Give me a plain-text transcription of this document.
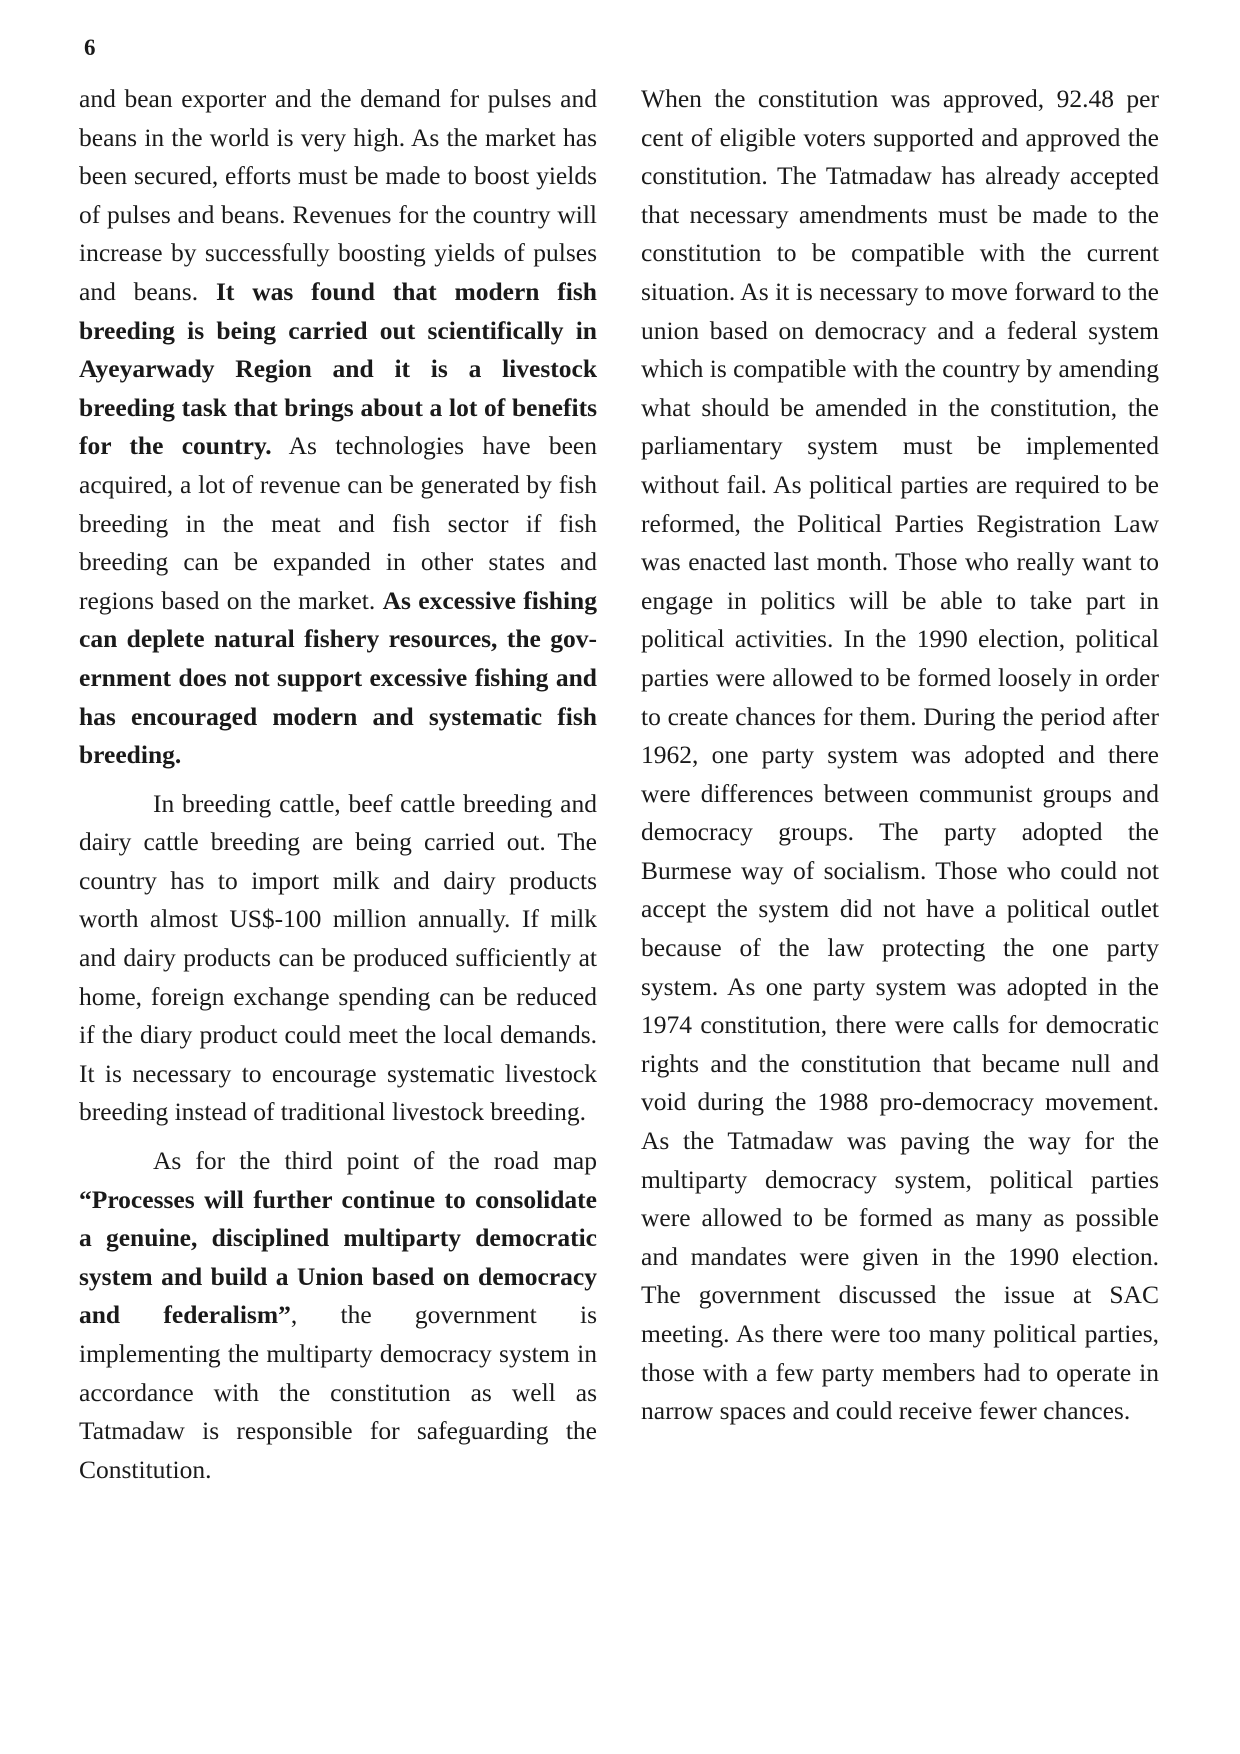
6

and bean exporter and the demand for pulses and beans in the world is very high. As the market has been secured, efforts must be made to boost yields of pulses and beans. Revenues for the country will increase by successfully boosting yields of pulses and beans. It was found that modern fish breeding is being carried out scientifically in Ayeyarwady Region and it is a livestock breeding task that brings about a lot of benefits for the country. As technologies have been acquired, a lot of revenue can be generated by fish breeding in the meat and fish sector if fish breeding can be expanded in other states and regions based on the market. As excessive fishing can deplete natural fishery resources, the government does not support excessive fishing and has encouraged modern and systematic fish breeding.

In breeding cattle, beef cattle breeding and dairy cattle breeding are being carried out. The country has to import milk and dairy products worth almost US$-100 million annually. If milk and dairy products can be produced sufficiently at home, foreign exchange spending can be reduced if the diary product could meet the local demands. It is necessary to encourage systematic livestock breeding instead of traditional livestock breeding.

As for the third point of the road map “Processes will further continue to consolidate a genuine, disciplined multiparty democratic system and build a Union based on democracy and federalism”, the government is implementing the multiparty democracy system in accordance with the constitution as well as Tatmadaw is responsible for safeguarding the Constitution.

When the constitution was approved, 92.48 per cent of eligible voters supported and approved the constitution. The Tatmadaw has already accepted that necessary amendments must be made to the constitution to be compatible with the current situation. As it is necessary to move forward to the union based on democracy and a federal system which is compatible with the country by amending what should be amended in the constitution, the parliamentary system must be implemented without fail. As political parties are required to be reformed, the Political Parties Registration Law was enacted last month. Those who really want to engage in politics will be able to take part in political activities. In the 1990 election, political parties were allowed to be formed loosely in order to create chances for them. During the period after 1962, one party system was adopted and there were differences between communist groups and democracy groups. The party adopted the Burmese way of socialism. Those who could not accept the system did not have a political outlet because of the law protecting the one party system. As one party system was adopted in the 1974 constitution, there were calls for democratic rights and the constitution that became null and void during the 1988 pro-democracy movement. As the Tatmadaw was paving the way for the multiparty democracy system, political parties were allowed to be formed as many as possible and mandates were given in the 1990 election. The government discussed the issue at SAC meeting. As there were too many political parties, those with a few party members had to operate in narrow spaces and could receive fewer chances.
